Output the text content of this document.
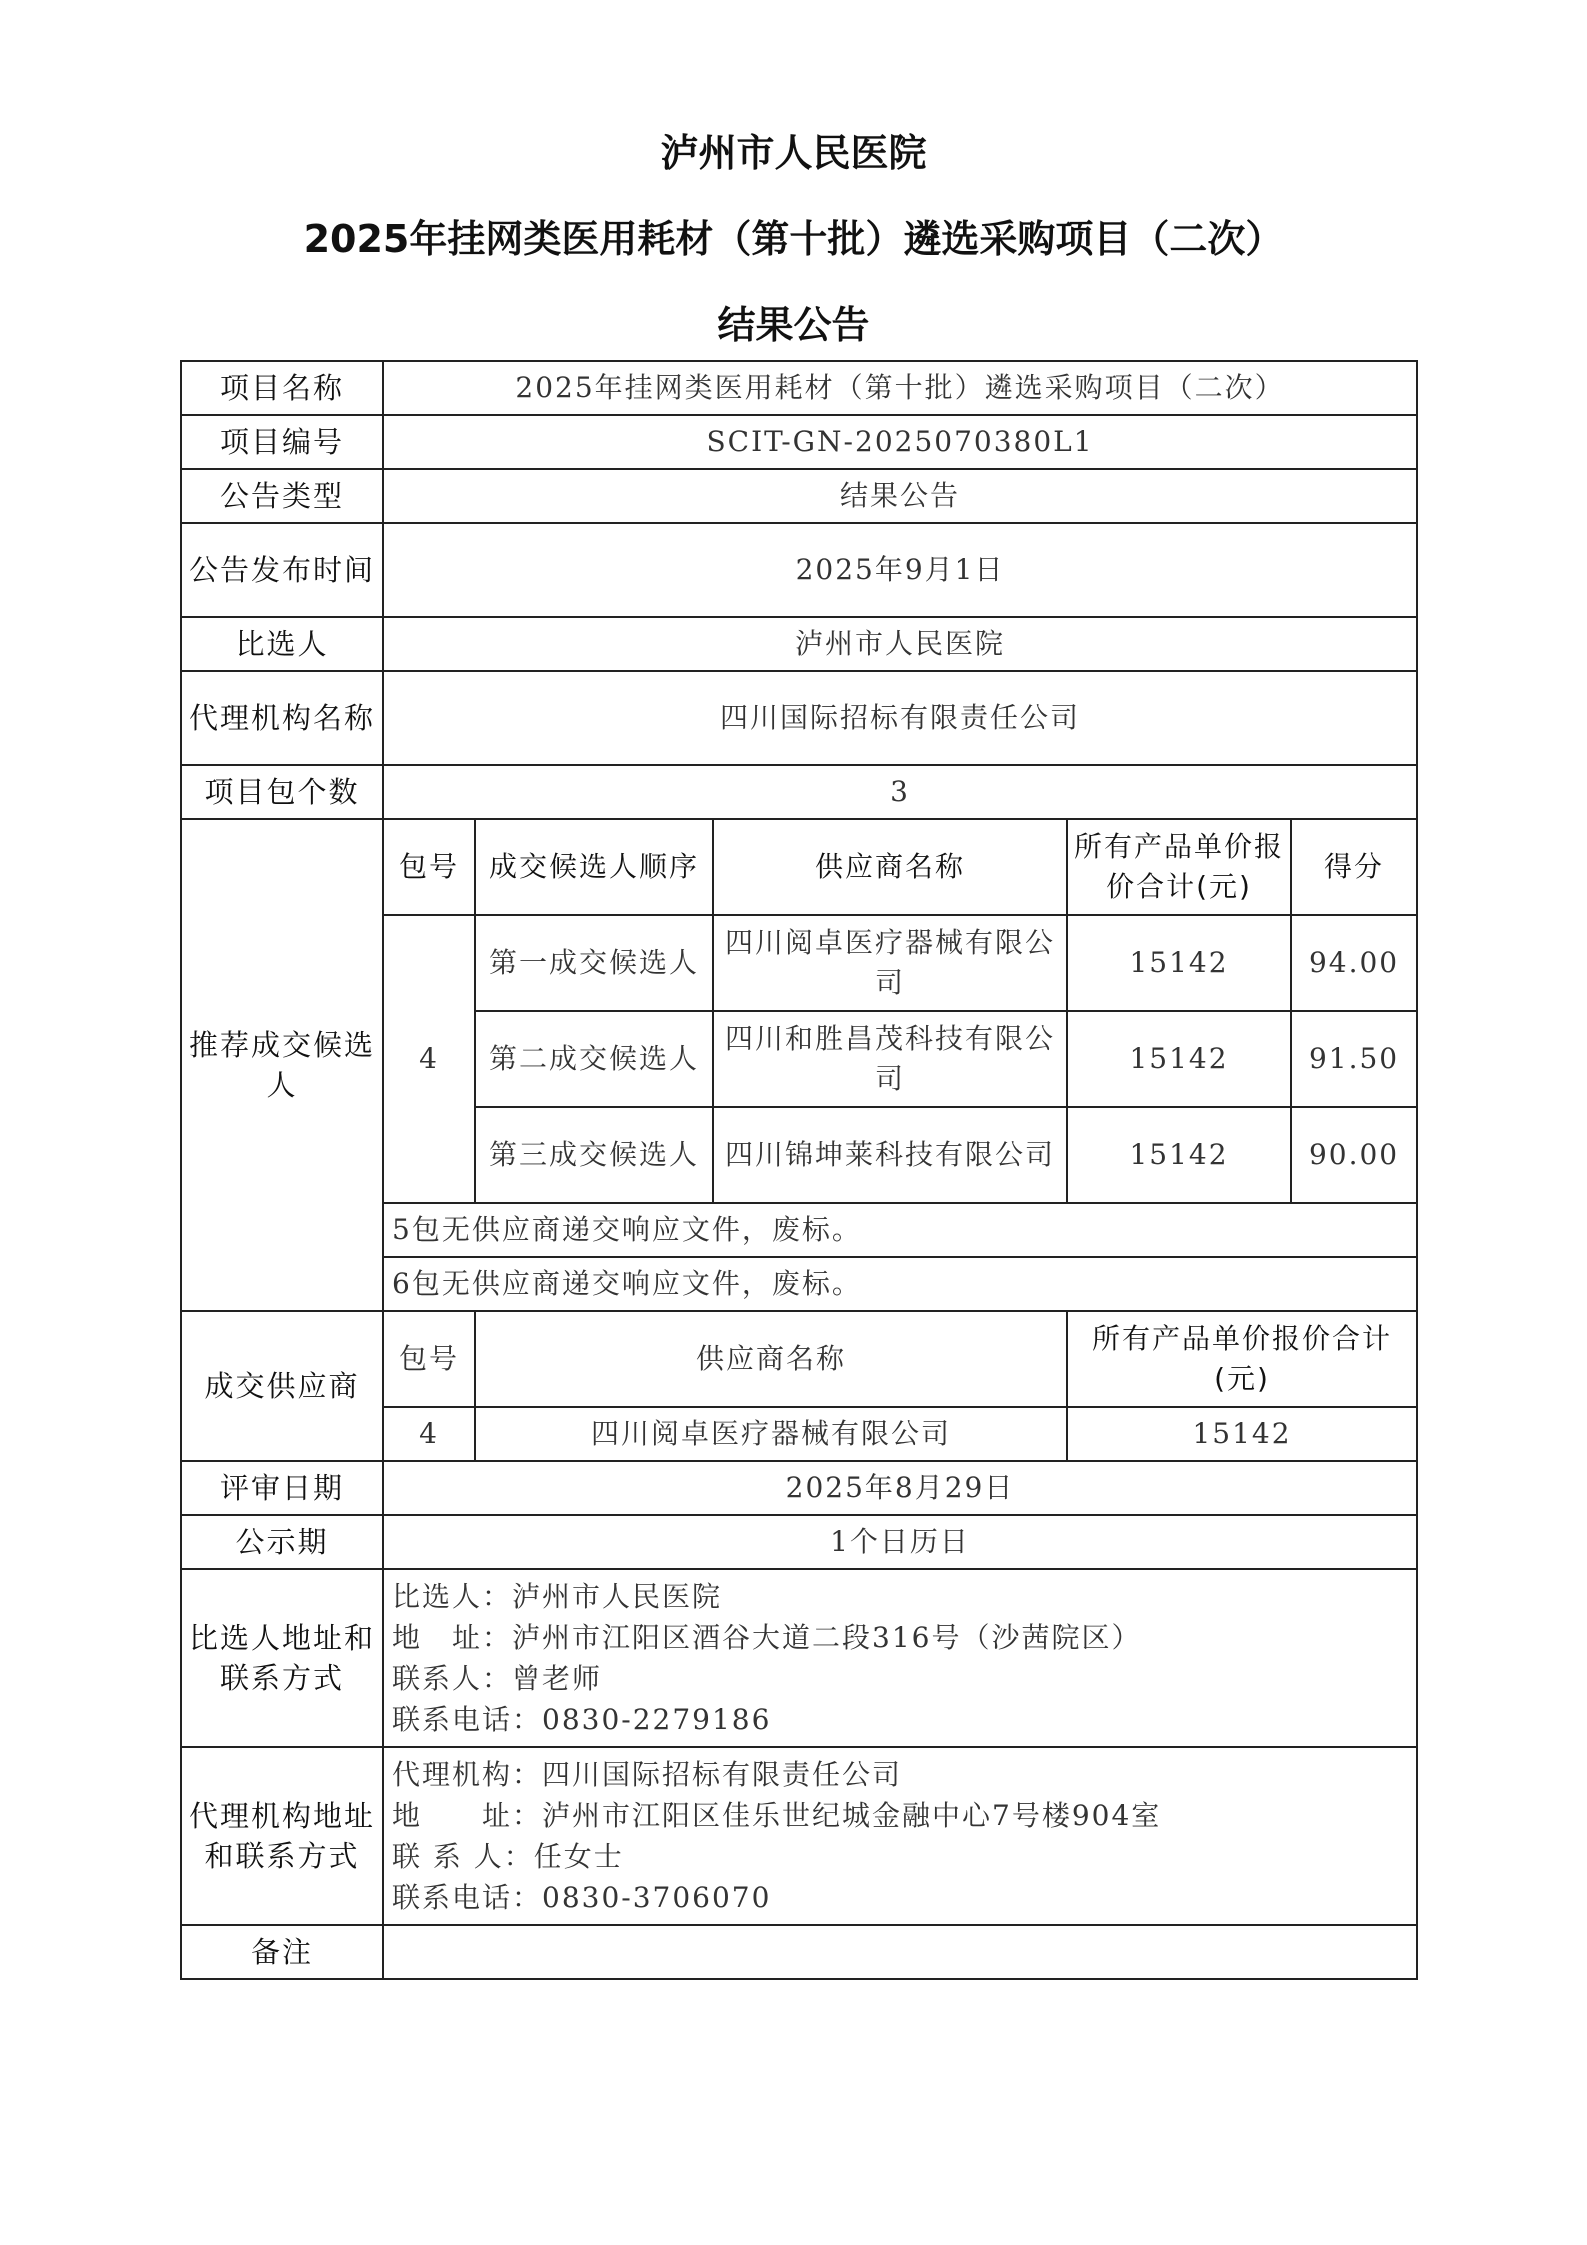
泸州市人民医院
2025年挂网类医用耗材（第十批）遴选采购项目（二次）
结果公告
项目名称	2025年挂网类医用耗材（第十批）遴选采购项目（二次）				
项目编号	SCIT-GN-2025070380L1				
公告类型	结果公告				
公告发布时间	2025年9月1日				
比选人	泸州市人民医院				
代理机构名称	四川国际招标有限责任公司				
项目包个数	3				
推荐成交候选人	包号	成交候选人顺序	供应商名称	所有产品单价报价合计(元)	得分
	4	第一成交候选人	四川阅卓医疗器械有限公司	15142	94.00
		第二成交候选人	四川和胜昌茂科技有限公司	15142	91.50
		第三成交候选人	四川锦坤莱科技有限公司	15142	90.00
	5包无供应商递交响应文件，废标。				
	6包无供应商递交响应文件，废标。				
成交供应商	包号	供应商名称		所有产品单价报价合计(元)	
	4	四川阅卓医疗器械有限公司		15142	
评审日期	2025年8月29日				
公示期	1个日历日				
比选人地址和联系方式	比选人：泸州市人民医院
地　址：泸州市江阳区酒谷大道二段316号（沙茜院区）
联系人：曾老师
联系电话：0830-2279186				

代理机构地址和联系方式	代理机构：四川国际招标有限责任公司
地　　址：泸州市江阳区佳乐世纪城金融中心7号楼904室
联 系 人：任女士
联系电话：0830-3706070				

备注					
